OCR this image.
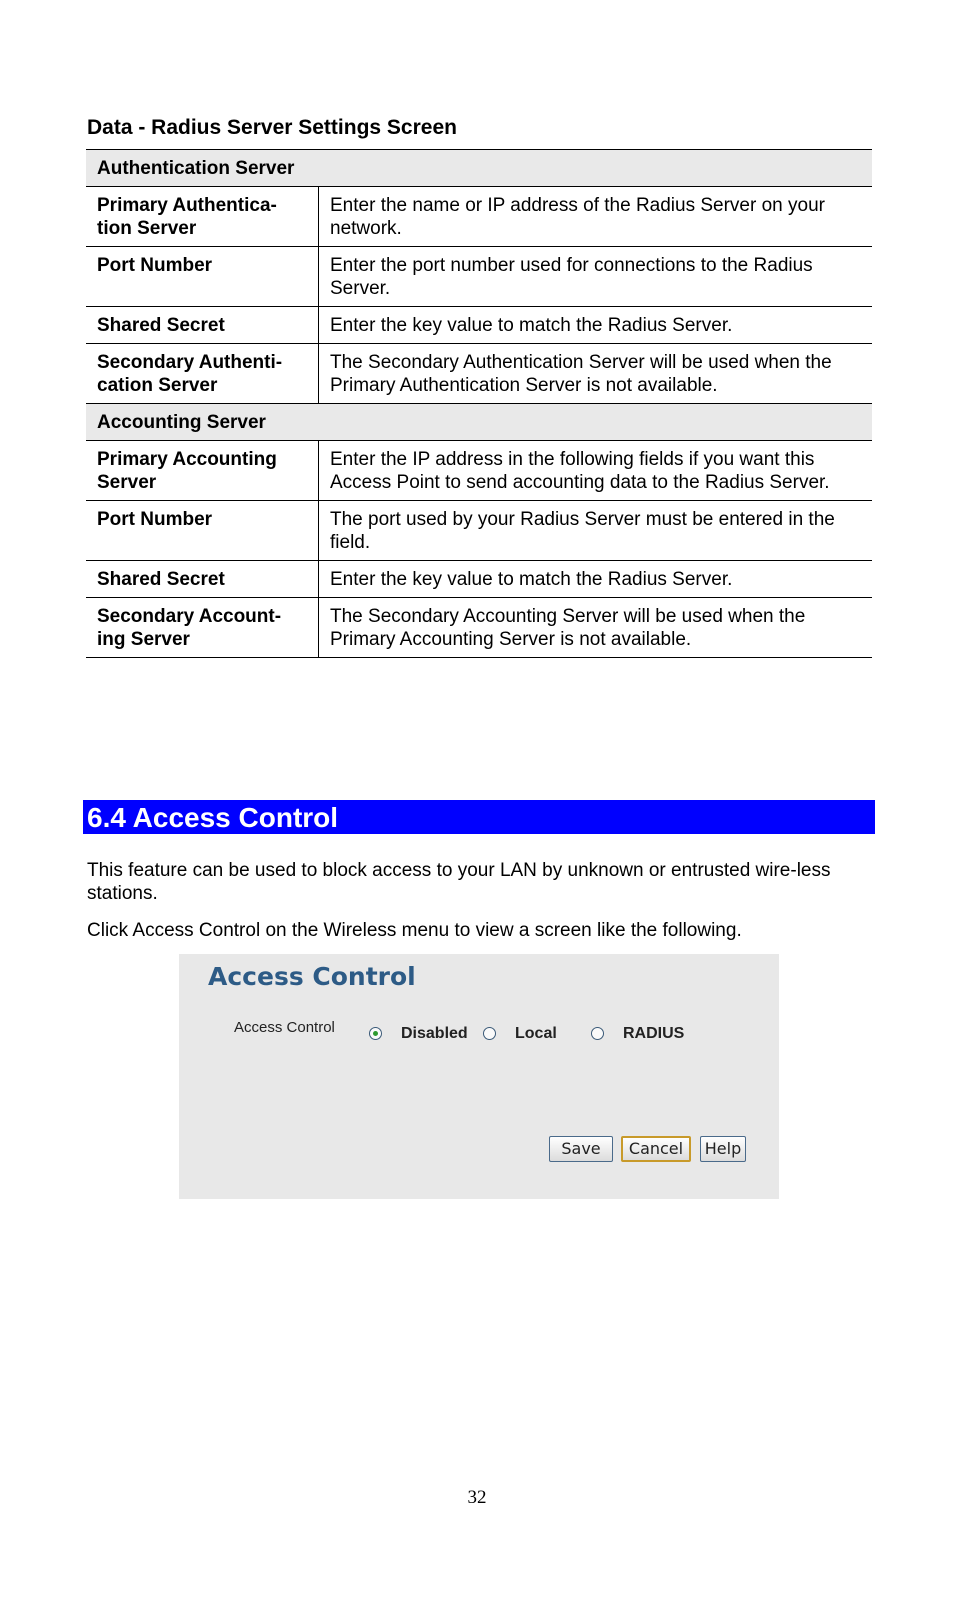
Data - Radius Server Settings Screen
Authentication Server	
Primary Authentica-
tion Server	Enter the name or IP address of the Radius Server on your network.
Port Number	Enter the port number used for connections to the Radius Server.
Shared Secret	Enter the key value to match the Radius Server.
Secondary Authenti-
cation Server	The Secondary Authentication Server will be used when the Primary Authentication Server is not available.
Accounting Server	
Primary Accounting
Server	Enter the IP address in the following fields if you want this Access Point to send accounting data to the Radius Server.
Port Number	The port used by your Radius Server must be entered in the field.
Shared Secret	Enter the key value to match the Radius Server.
Secondary Account-
ing Server	The Secondary Accounting Server will be used when the Primary Accounting Server is not available.
6.4 Access Control

This feature can be used to block access to your LAN by unknown or entrusted wire-less stations.

Click Access Control on the Wireless menu to view a screen like the following.

Access Control
Access Control	Disabled	Local	RADIUS
Save	Cancel	Help
32
